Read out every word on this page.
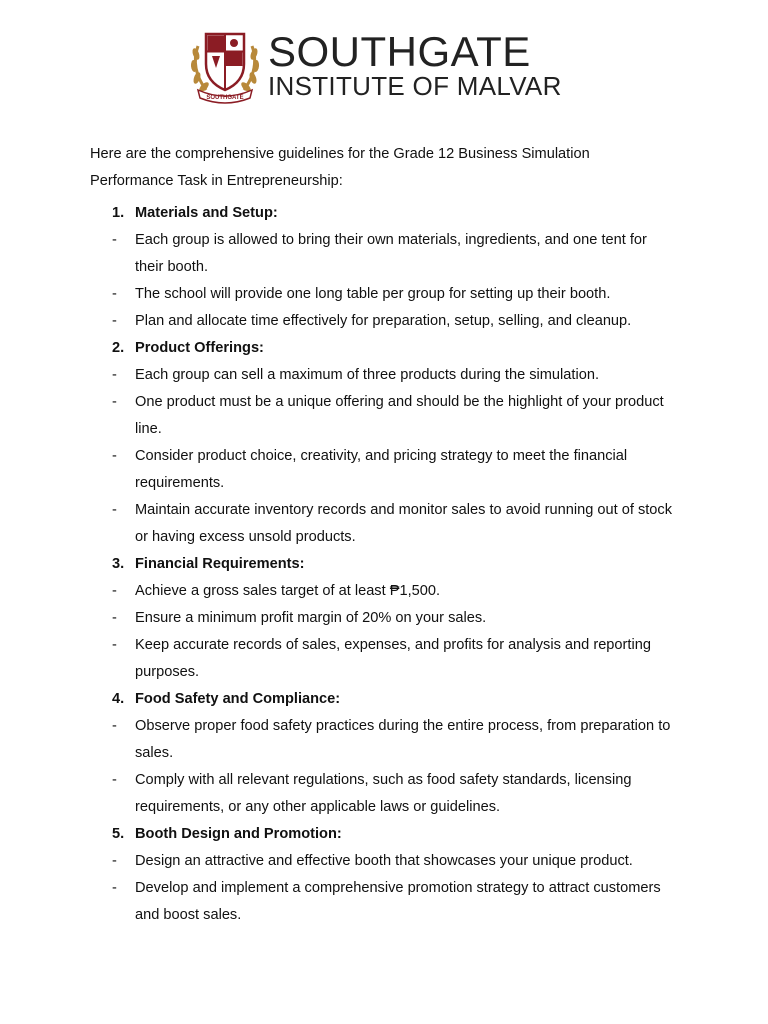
SOUTHGATE
SOUTHGATE
INSTITUTE OF MALVAR

Here are the comprehensive guidelines for the Grade 12 Business Simulation Performance Task in Entrepreneurship:

1. Materials and Setup:
- Each group is allowed to bring their own materials, ingredients, and one tent for their booth.
- The school will provide one long table per group for setting up their booth.
- Plan and allocate time effectively for preparation, setup, selling, and cleanup.
2. Product Offerings:
- Each group can sell a maximum of three products during the simulation.
- One product must be a unique offering and should be the highlight of your product line.
- Consider product choice, creativity, and pricing strategy to meet the financial requirements.
- Maintain accurate inventory records and monitor sales to avoid running out of stock or having excess unsold products.
3. Financial Requirements:
- Achieve a gross sales target of at least ₱1,500.
- Ensure a minimum profit margin of 20% on your sales.
- Keep accurate records of sales, expenses, and profits for analysis and reporting purposes.
4. Food Safety and Compliance:
- Observe proper food safety practices during the entire process, from preparation to sales.
- Comply with all relevant regulations, such as food safety standards, licensing requirements, or any other applicable laws or guidelines.
5. Booth Design and Promotion:
- Design an attractive and effective booth that showcases your unique product.
- Develop and implement a comprehensive promotion strategy to attract customers and boost sales.
